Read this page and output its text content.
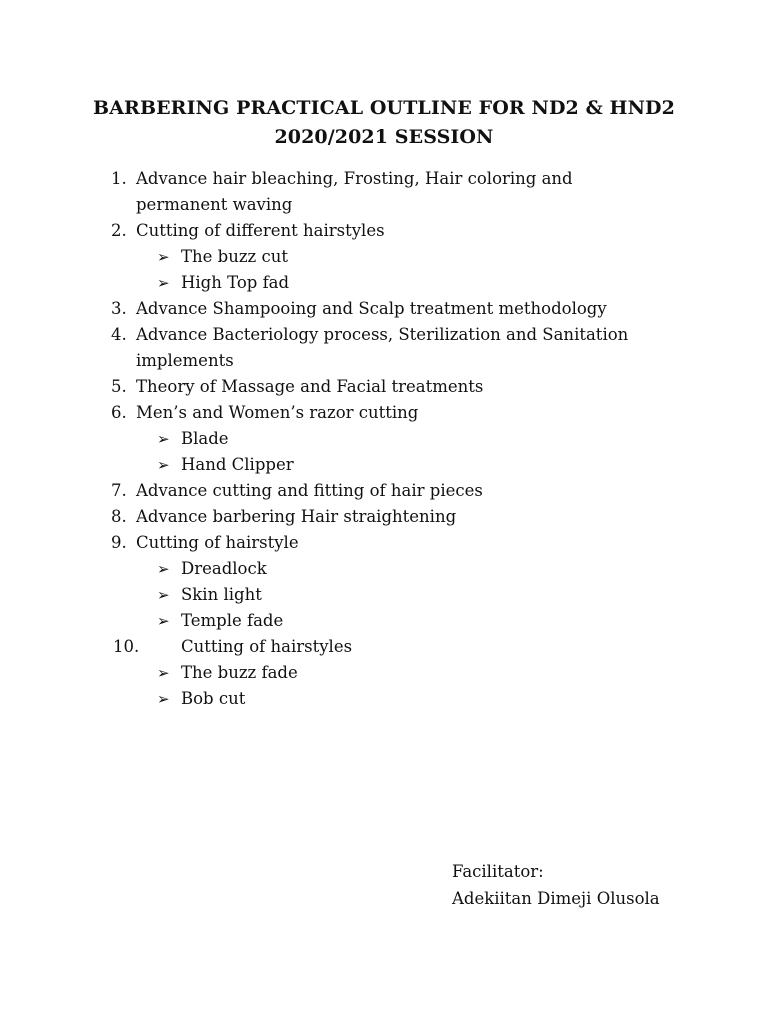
BARBERING PRACTICAL OUTLINE FOR ND2 & HND2
2020/2021 SESSION
1. Advance hair bleaching, Frosting, Hair coloring and permanent waving
2. Cutting of different hairstyles
➢ The buzz cut
➢ High Top fad
3. Advance Shampooing and Scalp treatment methodology
4. Advance Bacteriology process, Sterilization and Sanitation implements
5. Theory of Massage and Facial treatments
6. Men’s and Women’s razor cutting
➢ Blade
➢ Hand Clipper
7. Advance cutting and fitting of hair pieces
8. Advance barbering Hair straightening
9. Cutting of hairstyle
➢ Dreadlock
➢ Skin light
➢ Temple fade
10.	Cutting of hairstyles
➢ The buzz fade
➢ Bob cut
Facilitator:
Adekiitan Dimeji Olusola
